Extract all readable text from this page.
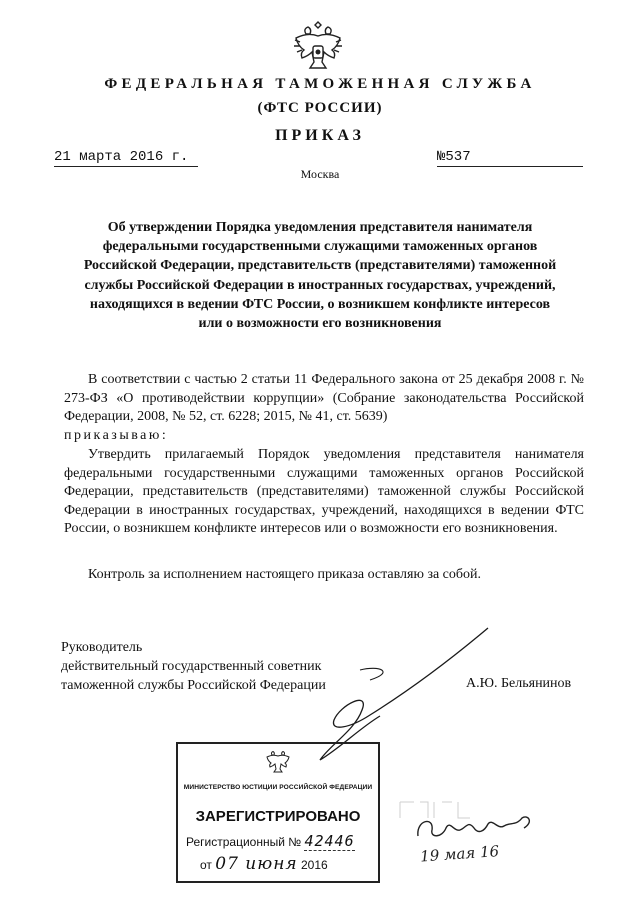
ФЕДЕРАЛЬНАЯ ТАМОЖЕННАЯ СЛУЖБА
(ФТС РОССИИ)
ПРИКАЗ
21 марта 2016 г.	№537
Москва
Об утверждении Порядка уведомления представителя нанимателя федеральными государственными служащими таможенных органов Российской Федерации, представительств (представителями) таможенной службы Российской Федерации в иностранных государствах, учреждений, находящихся в ведении ФТС России, о возникшем конфликте интересов или о возможности его возникновения
В соответствии с частью 2 статьи 11 Федерального закона от 25 декабря 2008 г. № 273-ФЗ «О противодействии коррупции» (Собрание законодательства Российской Федерации, 2008, № 52, ст. 6228; 2015, № 41, ст. 5639)
приказываю:
Утвердить прилагаемый Порядок уведомления представителя нанимателя федеральными государственными служащими таможенных органов Российской Федерации, представительств (представителями) таможенной службы Российской Федерации в иностранных государствах, учреждений, находящихся в ведении ФТС России, о возникшем конфликте интересов или о возможности его возникновения.
Контроль за исполнением настоящего приказа оставляю за собой.
Руководитель
действительный государственный советник
таможенной службы Российской Федерации	А.Ю. Бельянинов
МИНИСТЕРСТВО ЮСТИЦИИ РОССИЙСКОЙ ФЕДЕРАЦИИ
ЗАРЕГИСТРИРОВАНО
Регистрационный № 42446
от 07 июня 2016	19 мая 16
